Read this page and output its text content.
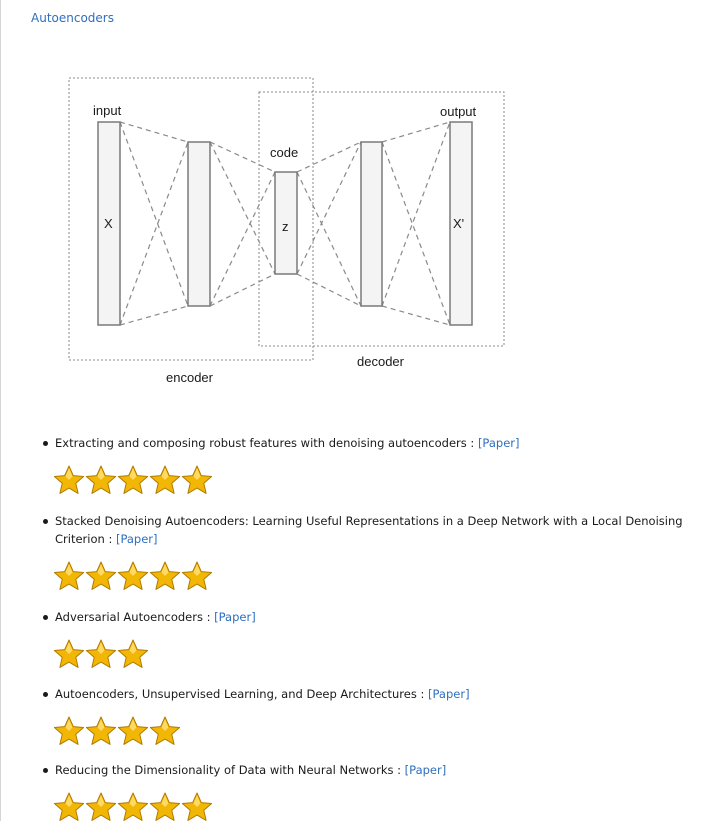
Autoencoders
input	output
code
X	z	X'
encoder
decoder
Extracting and composing robust features with denoising autoencoders : [Paper]
Stacked Denoising Autoencoders: Learning Useful Representations in a Deep Network with a Local Denoising Criterion : [Paper]
Adversarial Autoencoders : [Paper]
Autoencoders, Unsupervised Learning, and Deep Architectures : [Paper]
Reducing the Dimensionality of Data with Neural Networks : [Paper]
